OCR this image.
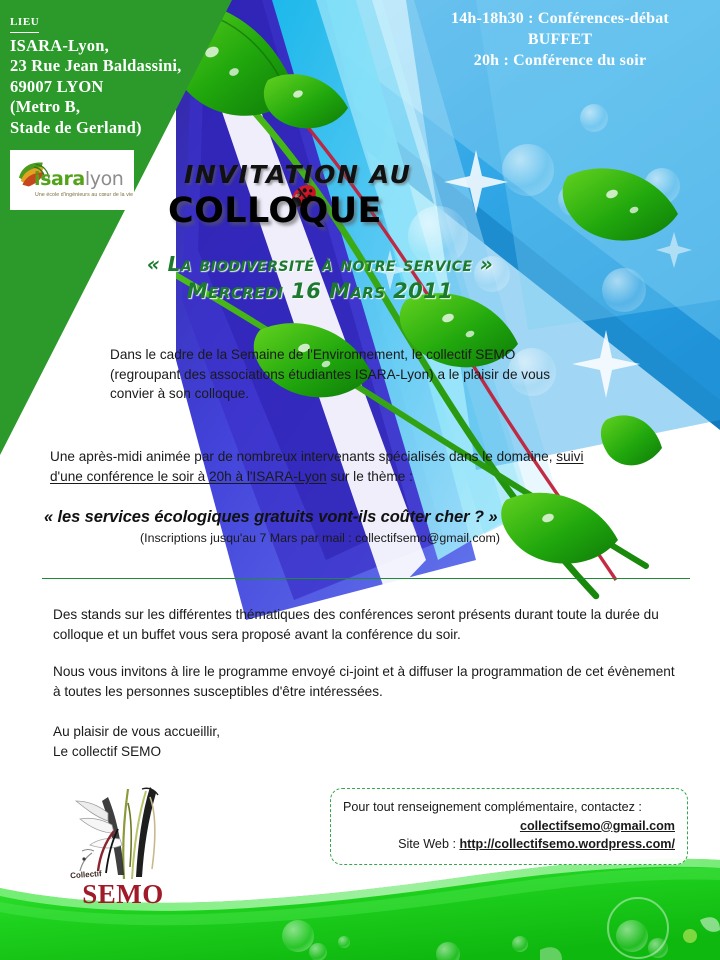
lieu
ISARA-Lyon,
23 Rue Jean Baldassini,
69007 LYON
(Metro B,
Stade de Gerland)
isaralyon
Une école d'ingénieurs au cœur de la vie
14h-18h30 : Conférences-débat
BUFFET
20h : Conférence du soir
INVITATION AU
COLLOQUE
« La biodiversité à notre service »
Mercredi 16 Mars 2011
Dans le cadre de la Semaine de l'Environnement, le collectif SEMO (regroupant des associations étudiantes ISARA-Lyon) a le plaisir de vous convier à son colloque.
Une après-midi animée par de nombreux intervenants spécialisés dans le domaine, suivi d'une conférence le soir à 20h à l'ISARA-Lyon sur le thème :
« les services écologiques gratuits vont-ils coûter cher ? »
(Inscriptions jusqu'au 7 Mars par mail : collectifsemo@gmail.com)
Des stands sur les différentes thématiques des conférences seront présents durant toute la durée du colloque et un buffet vous sera proposé avant la conférence du soir.
Nous vous invitons à lire le programme envoyé ci-joint et à diffuser la programmation de cet évènement à toutes les personnes susceptibles d'être intéressées.
Au plaisir de vous accueillir,
Le collectif SEMO
Collectif
SEMO
Pour tout renseignement complémentaire, contactez :
collectifsemo@gmail.com
Site Web : http://collectifsemo.wordpress.com/
